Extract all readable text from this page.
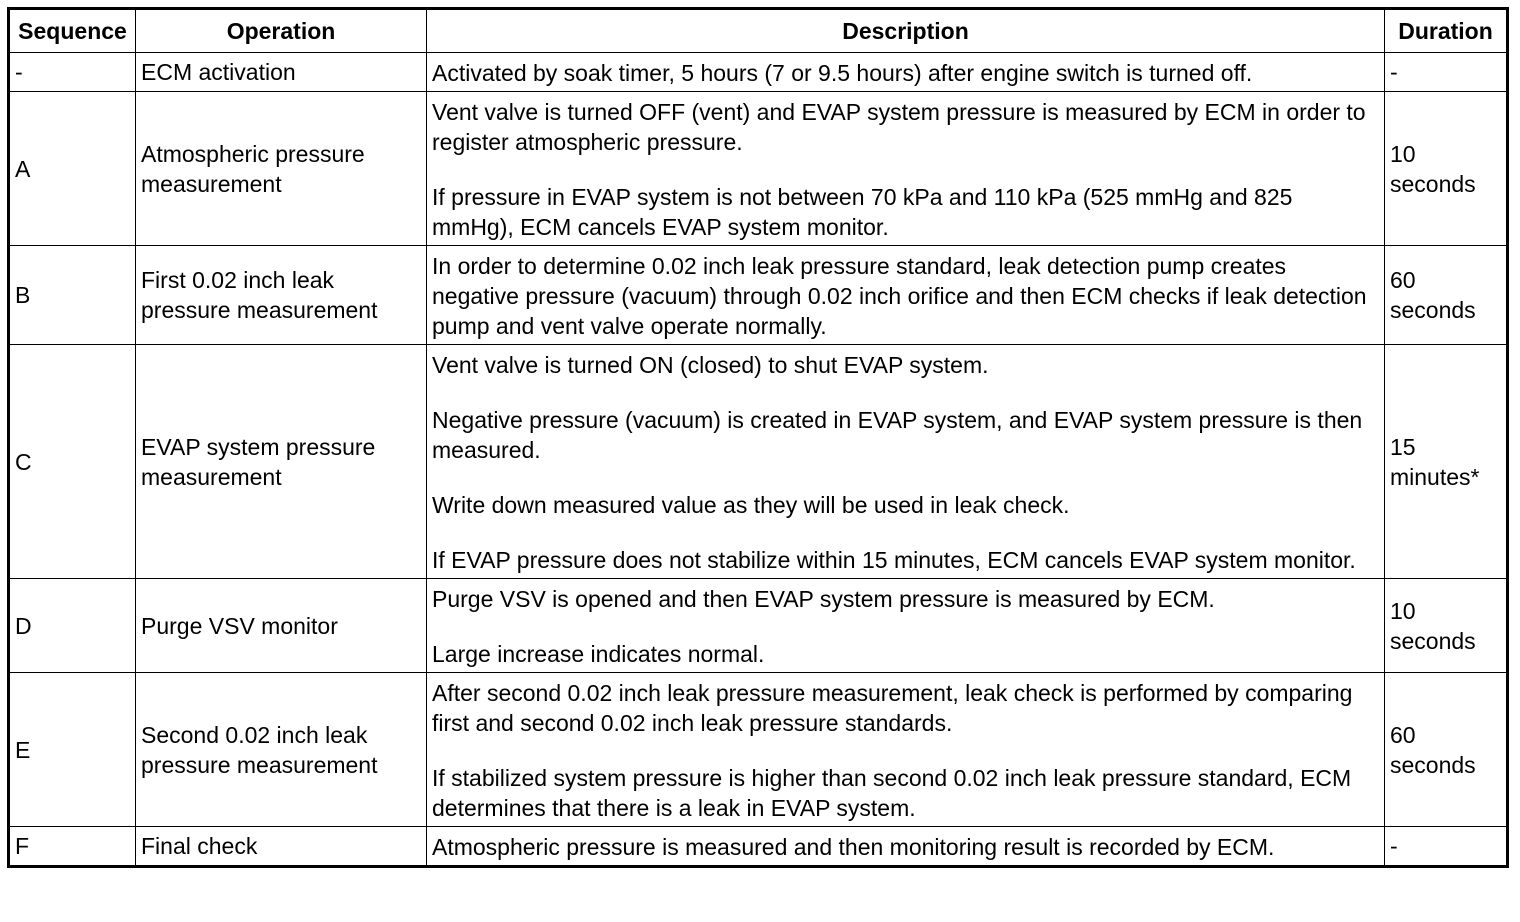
Sequence	Operation	Description	Duration
-	ECM activation	Activated by soak timer, 5 hours (7 or 9.5 hours) after engine switch is turned off.	-
A	Atmospheric pressure measurement	Vent valve is turned OFF (vent) and EVAP system pressure is measured by ECM in order to register atmospheric pressure.

If pressure in EVAP system is not between 70 kPa and 110 kPa (525 mmHg and 825 mmHg), ECM cancels EVAP system monitor.	10 seconds
B	First 0.02 inch leak pressure measurement	In order to determine 0.02 inch leak pressure standard, leak detection pump creates negative pressure (vacuum) through 0.02 inch orifice and then ECM checks if leak detection pump and vent valve operate normally.	60 seconds
C	EVAP system pressure measurement	Vent valve is turned ON (closed) to shut EVAP system.

Negative pressure (vacuum) is created in EVAP system, and EVAP system pressure is then measured.

Write down measured value as they will be used in leak check.

If EVAP pressure does not stabilize within 15 minutes, ECM cancels EVAP system monitor.	15 minutes*
D	Purge VSV monitor	Purge VSV is opened and then EVAP system pressure is measured by ECM.

Large increase indicates normal.	10 seconds
E	Second 0.02 inch leak pressure measurement	After second 0.02 inch leak pressure measurement, leak check is performed by comparing first and second 0.02 inch leak pressure standards.

If stabilized system pressure is higher than second 0.02 inch leak pressure standard, ECM determines that there is a leak in EVAP system.	60 seconds
F	Final check	Atmospheric pressure is measured and then monitoring result is recorded by ECM.	-
